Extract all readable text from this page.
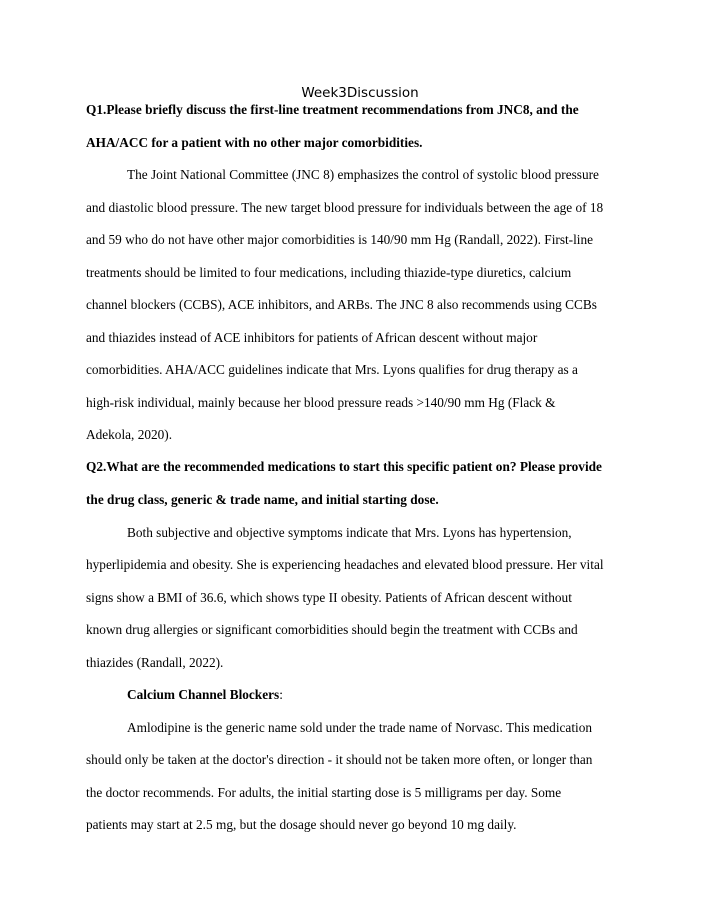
Week3Discussion
Q1.Please briefly discuss the first-line treatment recommendations from JNC8, and the
AHA/ACC for a patient with no other major comorbidities.
The Joint National Committee (JNC 8) emphasizes the control of systolic blood pressure
and diastolic blood pressure. The new target blood pressure for individuals between the age of 18
and 59 who do not have other major comorbidities is 140/90 mm Hg (Randall, 2022). First-line
treatments should be limited to four medications, including thiazide-type diuretics, calcium
channel blockers (CCBS), ACE inhibitors, and ARBs. The JNC 8 also recommends using CCBs
and thiazides instead of ACE inhibitors for patients of African descent without major
comorbidities. AHA/ACC guidelines indicate that Mrs. Lyons qualifies for drug therapy as a
high-risk individual, mainly because her blood pressure reads >140/90 mm Hg (Flack &
Adekola, 2020).
Q2.What are the recommended medications to start this specific patient on? Please provide
the drug class, generic & trade name, and initial starting dose.
Both subjective and objective symptoms indicate that Mrs. Lyons has hypertension,
hyperlipidemia and obesity. She is experiencing headaches and elevated blood pressure. Her vital
signs show a BMI of 36.6, which shows type II obesity. Patients of African descent without
known drug allergies or significant comorbidities should begin the treatment with CCBs and
thiazides (Randall, 2022).
Amlodipine is the generic name sold under the trade name of Norvasc. This medication
should only be taken at the doctor's direction - it should not be taken more often, or longer than
the doctor recommends. For adults, the initial starting dose is 5 milligrams per day. Some
patients may start at 2.5 mg, but the dosage should never go beyond 10 mg daily.
Calcium Channel Blockers:
